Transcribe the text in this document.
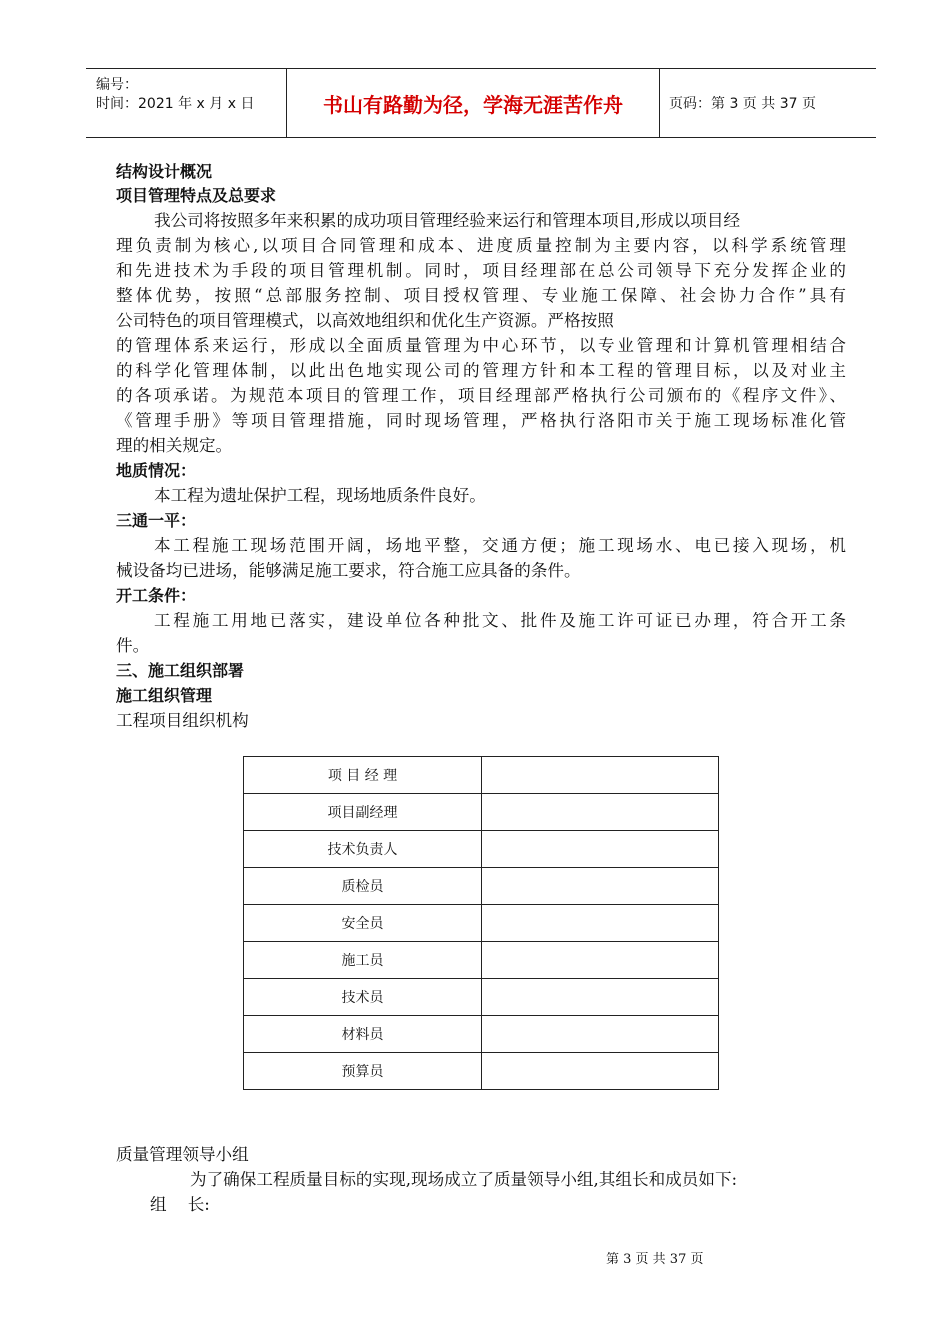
编号：
时间：2021 年 x 月 x 日	书山有路勤为径，学海无涯苦作舟	页码：第 3 页 共 37 页
结构设计概况
项目管理特点及总要求
我公司将按照多年来积累的成功项目管理经验来运行和管理本项目,形成以项目经
理负责制为核心,以项目合同管理和成本、进度质量控制为主要内容，以科学系统管理
和先进技术为手段的项目管理机制。同时，项目经理部在总公司领导下充分发挥企业的
整体优势，按照“总部服务控制、项目授权管理、专业施工保障、社会协力合作”具有
公司特色的项目管理模式，以高效地组织和优化生产资源。严格按照
的管理体系来运行，形成以全面质量管理为中心环节，以专业管理和计算机管理相结合
的科学化管理体制，以此出色地实现公司的管理方针和本工程的管理目标，以及对业主
的各项承诺。为规范本项目的管理工作，项目经理部严格执行公司颁布的《程序文件》、
《管理手册》等项目管理措施，同时现场管理，严格执行洛阳市关于施工现场标准化管
理的相关规定。
地质情况：
本工程为遗址保护工程，现场地质条件良好。
三通一平：
本工程施工现场范围开阔，场地平整，交通方便；施工现场水、电已接入现场，机
械设备均已进场，能够满足施工要求，符合施工应具备的条件。
开工条件：
工程施工用地已落实，建设单位各种批文、批件及施工许可证已办理，符合开工条
件。
三、施工组织部署
施工组织管理
工程项目组织机构
项 目 经 理	
项目副经理	
技术负责人	
质检员	
安全员	
施工员	
技术员	
材料员	
预算员	
质量管理领导小组
为了确保工程质量目标的实现,现场成立了质量领导小组,其组长和成员如下:
组    长:
第 3 页 共 37 页
